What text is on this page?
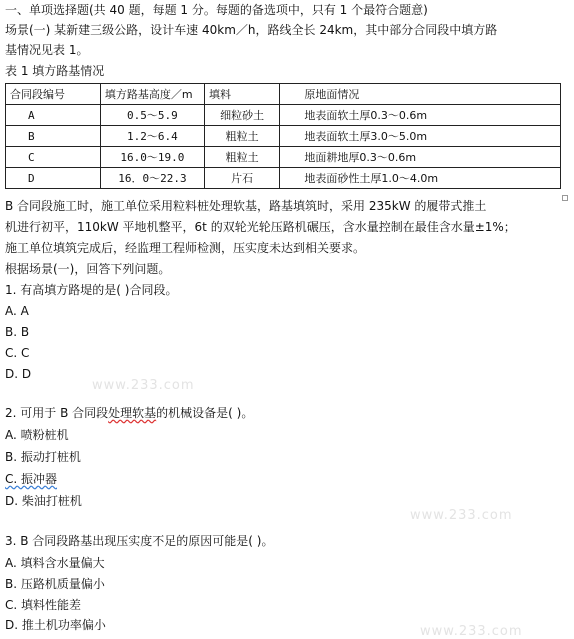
一、单项选择题(共 40 题，每题 1 分。每题的备选项中，只有 1 个最符合题意)
场景(一) 某新建三级公路，设计车速 40km／h，路线全长 24km，其中部分合同段中填方路
基情况见表 1。
表 1 填方路基情况
合同段编号	填方路基高度／m	填料	原地面情况
A	0.5～5.9	细粒砂土	地表面软土厚0.3～0.6m
B	1.2～6.4	粗粒土	地表面软土厚3.0～5.0m
C	16.0～19.0	粗粒土	地面耕地厚0.3～0.6m
D	16．0～22.3	片石	地表面砂性土厚1.0～4.0m
B 合同段施工时，施工单位采用粒料桩处理软基，路基填筑时，采用 235kW 的履带式推土
机进行初平，110kW 平地机整平，6t 的双轮光轮压路机碾压，含水量控制在最佳含水量±1%；
施工单位填筑完成后，经监理工程师检测，压实度未达到相关要求。
根据场景(一)，回答下列问题。
1. 有高填方路堤的是( )合同段。
A. A
B. B
C. C
D. D
2. 可用于 B 合同段处理软基的机械设备是( )。
A. 喷粉桩机
B. 振动打桩机
C. 振冲器
D. 柴油打桩机
3. B 合同段路基出现压实度不足的原因可能是( )。
A. 填料含水量偏大
B. 压路机质量偏小
C. 填料性能差
D. 推土机功率偏小
www.233.com
www.233.com
www.233.com
